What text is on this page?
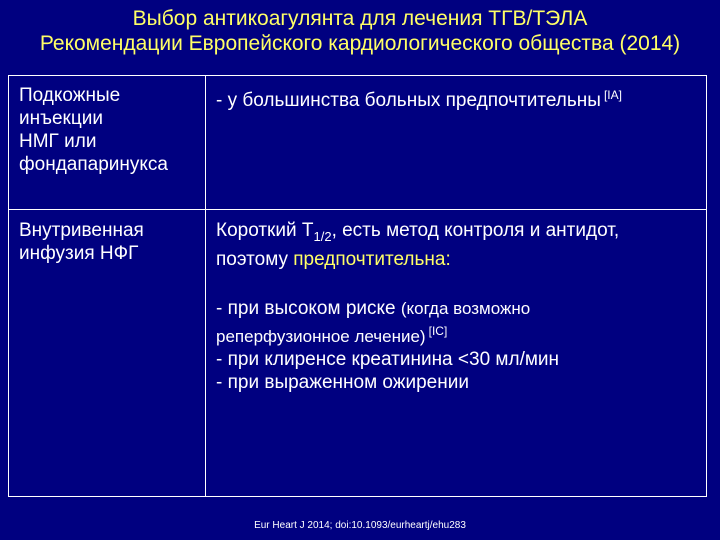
Выбор антикоагулянта для лечения ТГВ/ТЭЛА
Рекомендации Европейского кардиологического общества (2014)
Подкожные
инъекции
НМГ или
фондапаринукса
- у большинства больных предпочтительны [IA]
Внутривенная
инфузия НФГ
Короткий $Т_{1/2}$, есть метод контроля и антидот,
поэтому предпочтительна:
- при высоком риске (когда возможно
реперфузионное лечение) [IC]
- при клиренсе креатинина <30 мл/мин
- при выраженном ожирении
Eur Heart J 2014; doi:10.1093/eurheartj/ehu283
